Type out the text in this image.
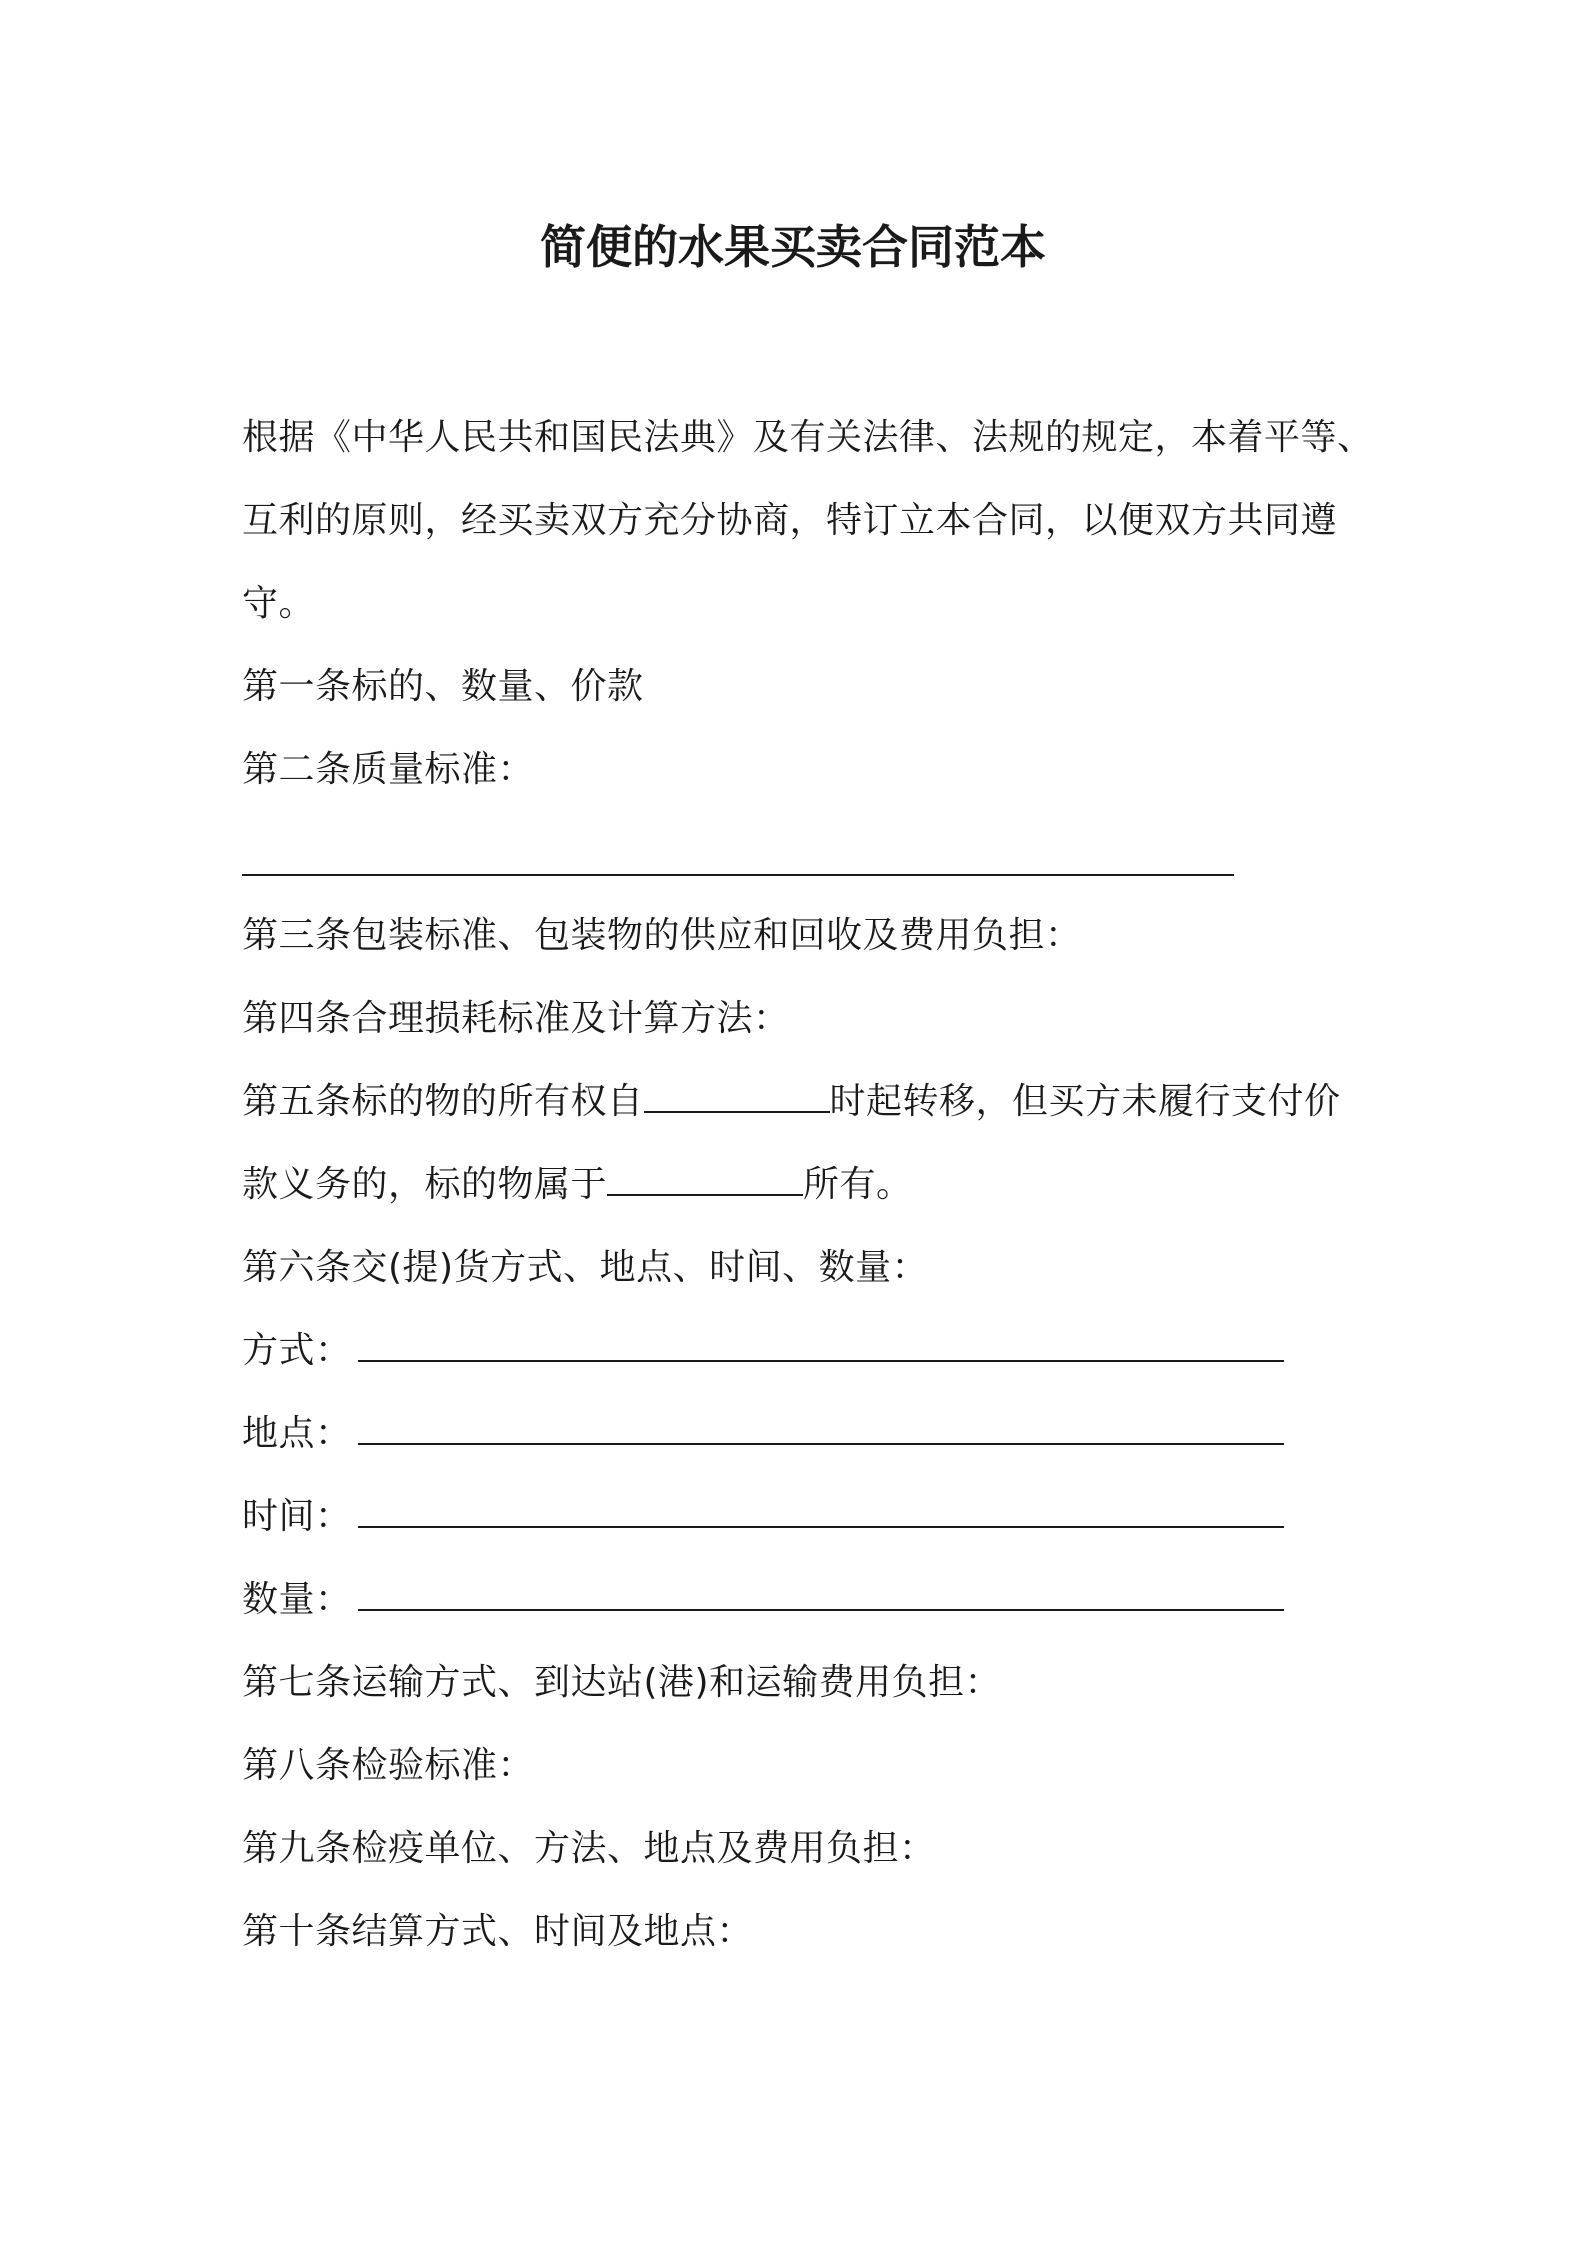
简便的水果买卖合同范本
根据《中华人民共和国民法典》及有关法律、法规的规定，本着平等、
互利的原则，经买卖双方充分协商，特订立本合同，以便双方共同遵
守。
第一条标的、数量、价款
第二条质量标准：
第三条包装标准、包装物的供应和回收及费用负担：
第四条合理损耗标准及计算方法：
第五条标的物的所有权自	时起转移，但买方未履行支付价
款义务的，标的物属于	所有。
第六条交(提)货方式、地点、时间、数量：
方式：
地点：
时间：
数量：
第七条运输方式、到达站(港)和运输费用负担：
第八条检验标准：
第九条检疫单位、方法、地点及费用负担：
第十条结算方式、时间及地点：
